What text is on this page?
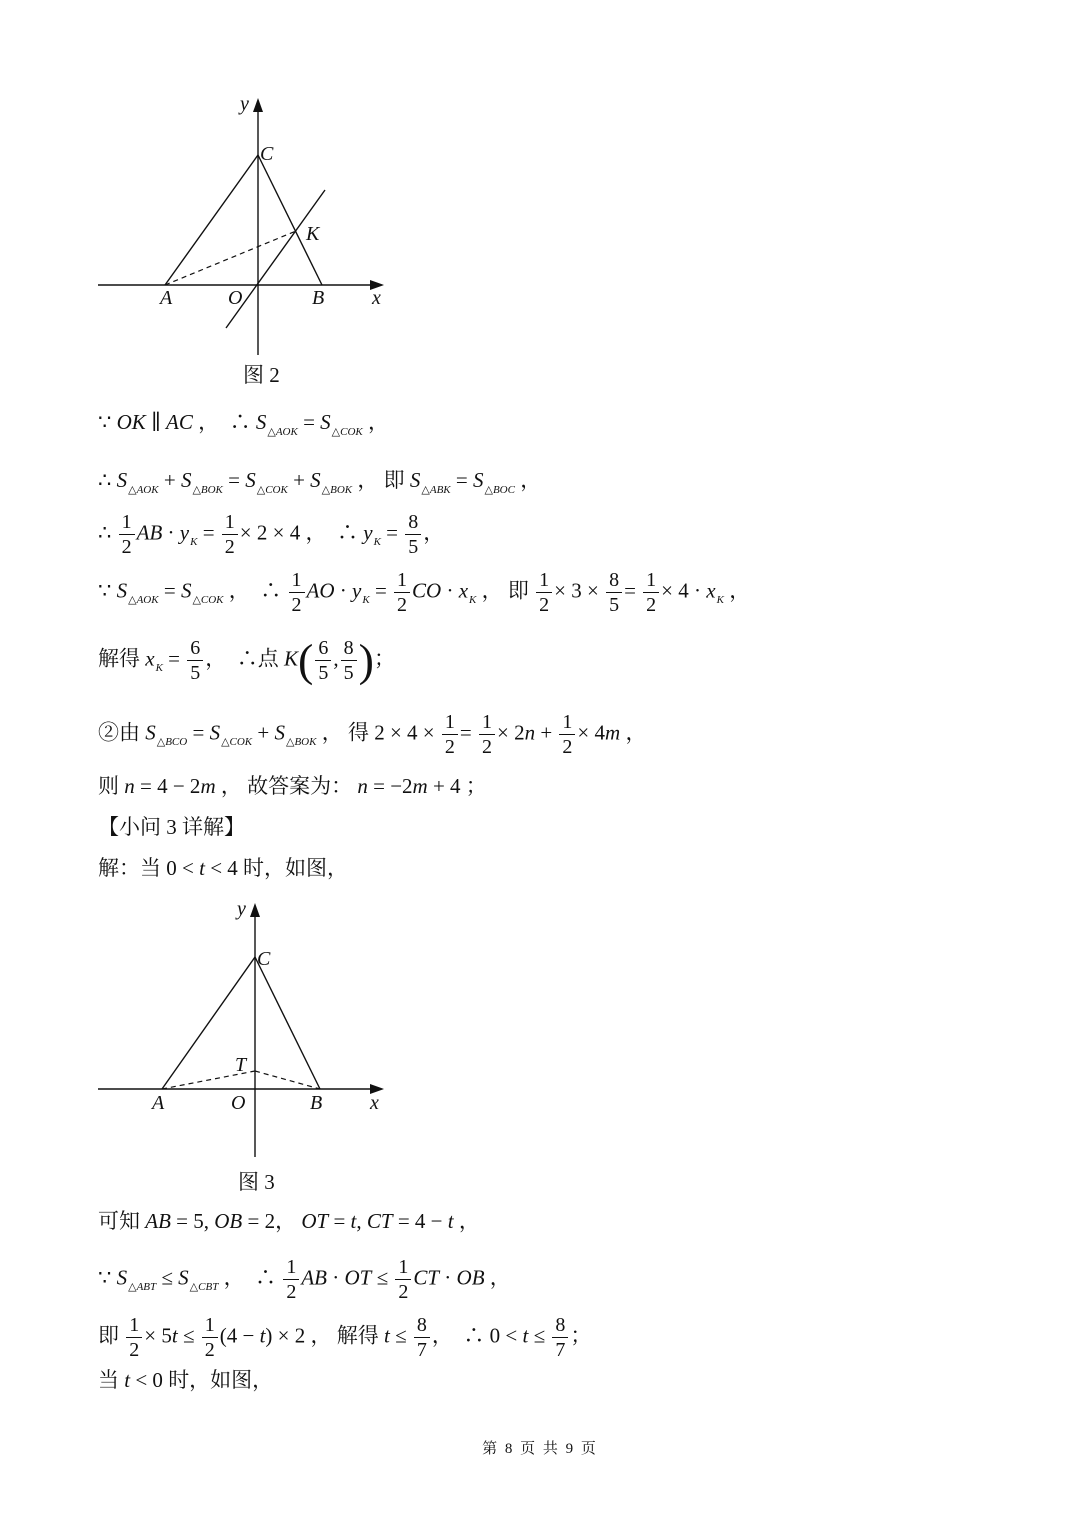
y
C
K
A	O	B x
图 2
∵ OK ∥ AC ，  ∴ $S_{\triangle AOK} = S_{\triangle COK}$ ，
∴ $S_{\triangle AOK} + S_{\triangle BOK} = S_{\triangle COK} + S_{\triangle BOK}$ ， 即 $S_{\triangle ABK} = S_{\triangle BOC}$ ，
∴ $\frac{1}{2}$ AB · $y_K = \frac{1}{2} \times 2 \times 4$ ，  ∴ $y_K = \frac{8}{5}$ ，
∵ $S_{\triangle AOK} = S_{\triangle COK}$ ，  ∴ $\frac{1}{2}$ AO · $y_K = \frac{1}{2}$ CO · $x_K$ ， 即 $\frac{1}{2} \times 3 \times \frac{8}{5} = \frac{1}{2} \times 4 \cdot x_K$ ，
解得 $x_K = \frac{6}{5}$ ，  ∴点 $K( \frac{6}{5}$ , $\frac{8}{5}$ )；
②由 $S_{\triangle BCO} = S_{\triangle COK} + S_{\triangle BOK}$ ， 得 $2 \times 4 \times \frac{1}{2} = \frac{1}{2} \times 2n + \frac{1}{2} \times 4m$ ，
则 n = 4 − 2m ， 故答案为： n = −2m + 4 ；
【小问 3 详解】
解：当 0 < t < 4 时，如图，
y
C
T
A	O	B x
图 3
可知 AB = 5, OB = 2， OT = t, CT = 4 − t ，
∵ $S_{\triangle ABT} \le S_{\triangle CBT}$ ，  ∴ $\frac{1}{2}$ AB · OT ≤ $\frac{1}{2}$ CT · OB ，
即 $\frac{1}{2} \times 5t \le \frac{1}{2} (4 - t) \times 2$ ， 解得 $t \le \frac{8}{7}$ ，  ∴ $0 < t \le \frac{8}{7}$ ；
当 t < 0 时，如图，
第 8 页 共 9 页
